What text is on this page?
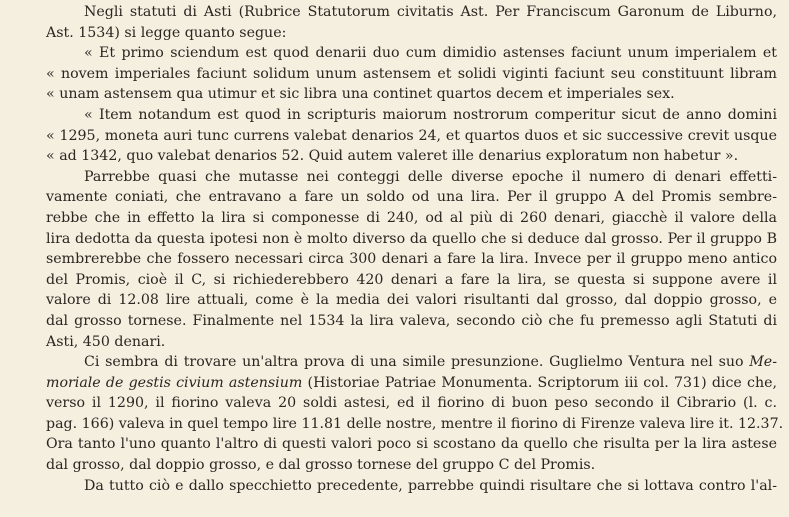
Negli statuti di Asti (Rubrice Statutorum civitatis Ast. Per Franciscum Garonum de Liburno,
Ast. 1534) si legge quanto segue:
« Et primo sciendum est quod denarii duo cum dimidio astenses faciunt unum imperialem et
« novem imperiales faciunt solidum unum astensem et solidi viginti faciunt seu constituunt libram
« unam astensem qua utimur et sic libra una continet quartos decem et imperiales sex.
« Item notandum est quod in scripturis maiorum nostrorum comperitur sicut de anno domini
« 1295, moneta auri tunc currens valebat denarios 24, et quartos duos et sic successive crevit usque
« ad 1342, quo valebat denarios 52. Quid autem valeret ille denarius exploratum non habetur ».
Parrebbe quasi che mutasse nei conteggi delle diverse epoche il numero di denari effetti-
vamente coniati, che entravano a fare un soldo od una lira. Per il gruppo A del Promis sembre-
rebbe che in effetto la lira si componesse di 240, od al più di 260 denari, giacchè il valore della
lira dedotta da questa ipotesi non è molto diverso da quello che si deduce dal grosso. Per il gruppo B
sembrerebbe che fossero necessari circa 300 denari a fare la lira. Invece per il gruppo meno antico
del Promis, cioè il C, si richiederebbero 420 denari a fare la lira, se questa si suppone avere il
valore di 12.08 lire attuali, come è la media dei valori risultanti dal grosso, dal doppio grosso, e
dal grosso tornese. Finalmente nel 1534 la lira valeva, secondo ciò che fu premesso agli Statuti di
Asti, 450 denari.
Ci sembra di trovare un'altra prova di una simile presunzione. Guglielmo Ventura nel suo Me-
moriale de gestis civium astensium (Historiae Patriae Monumenta. Scriptorum iii col. 731) dice che,
verso il 1290, il fiorino valeva 20 soldi astesi, ed il fiorino di buon peso secondo il Cibrario (l. c.
pag. 166) valeva in quel tempo lire 11.81 delle nostre, mentre il fiorino di Firenze valeva lire it. 12.37.
Ora tanto l'uno quanto l'altro di questi valori poco si scostano da quello che risulta per la lira astese
dal grosso, dal doppio grosso, e dal grosso tornese del gruppo C del Promis.
Da tutto ciò e dallo specchietto precedente, parrebbe quindi risultare che si lottava contro l'al-
